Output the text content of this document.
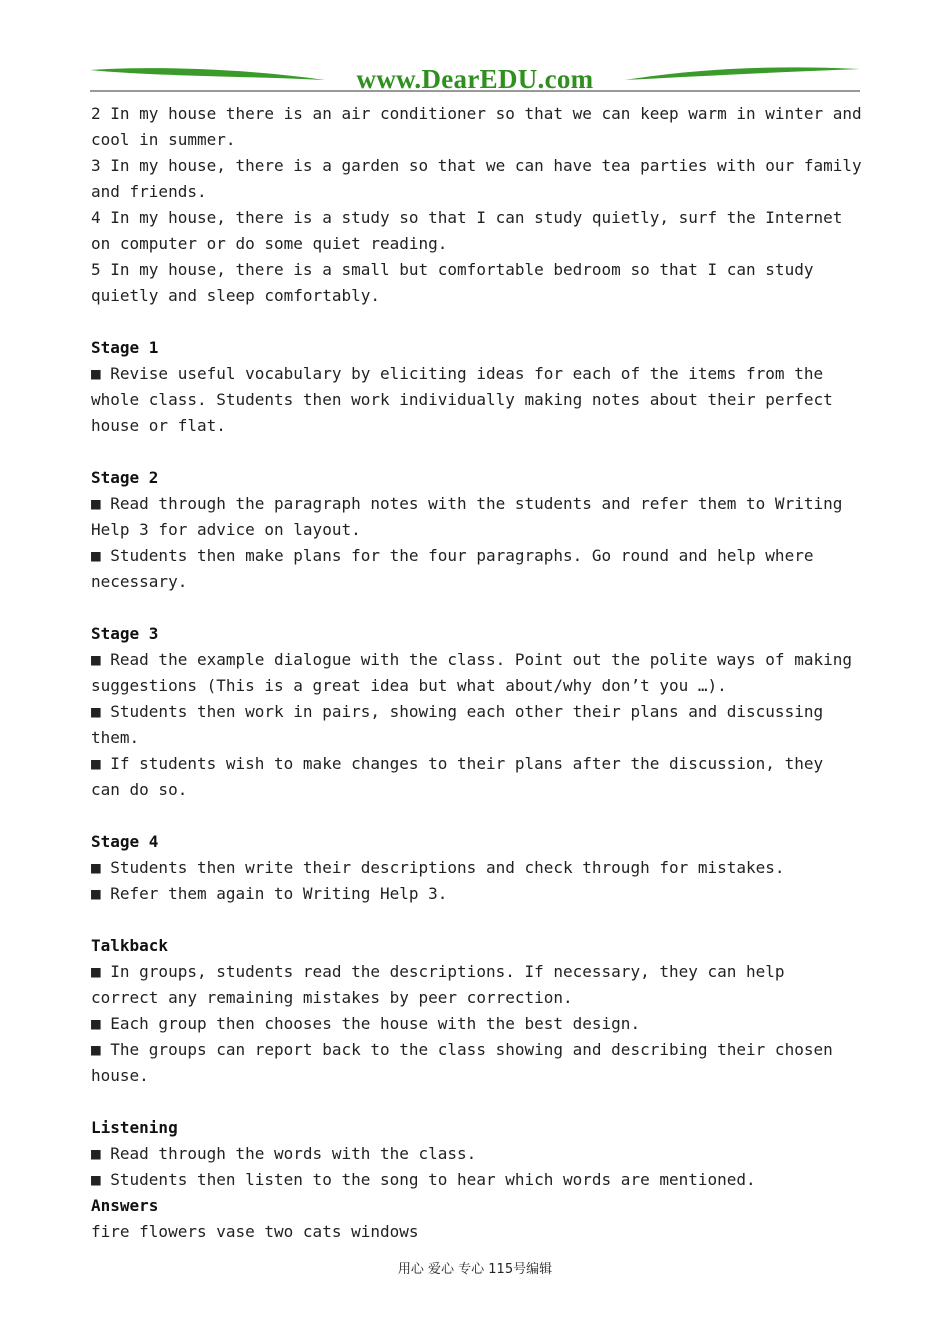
www.DearEDU.com
2 In my house there is an air conditioner so that we can keep warm in winter and
cool in summer.
3 In my house, there is a garden so that we can have tea parties with our family
and friends.
4 In my house, there is a study so that I can study quietly, surf the Internet
on computer or do some quiet reading.
5 In my house, there is a small but comfortable bedroom so that I can study
quietly and sleep comfortably.
Stage 1
■ Revise useful vocabulary by eliciting ideas for each of the items from the
whole class. Students then work individually making notes about their perfect
house or flat.
Stage 2
■ Read through the paragraph notes with the students and refer them to Writing
Help 3 for advice on layout.
■ Students then make plans for the four paragraphs. Go round and help where
necessary.
Stage 3
■ Read the example dialogue with the class. Point out the polite ways of making
suggestions (This is a great idea but what about/why don’t you …).
■ Students then work in pairs, showing each other their plans and discussing
them.
■ If students wish to make changes to their plans after the discussion, they
can do so.
Stage 4
■ Students then write their descriptions and check through for mistakes.
■ Refer them again to Writing Help 3.
Talkback
■ In groups, students read the descriptions. If necessary, they can help
correct any remaining mistakes by peer correction.
■ Each group then chooses the house with the best design.
■ The groups can report back to the class showing and describing their chosen
house.
Listening
■ Read through the words with the class.
■ Students then listen to the song to hear which words are mentioned.
Answers
fire flowers vase two cats windows
用心 爱心 专心 115号编辑
